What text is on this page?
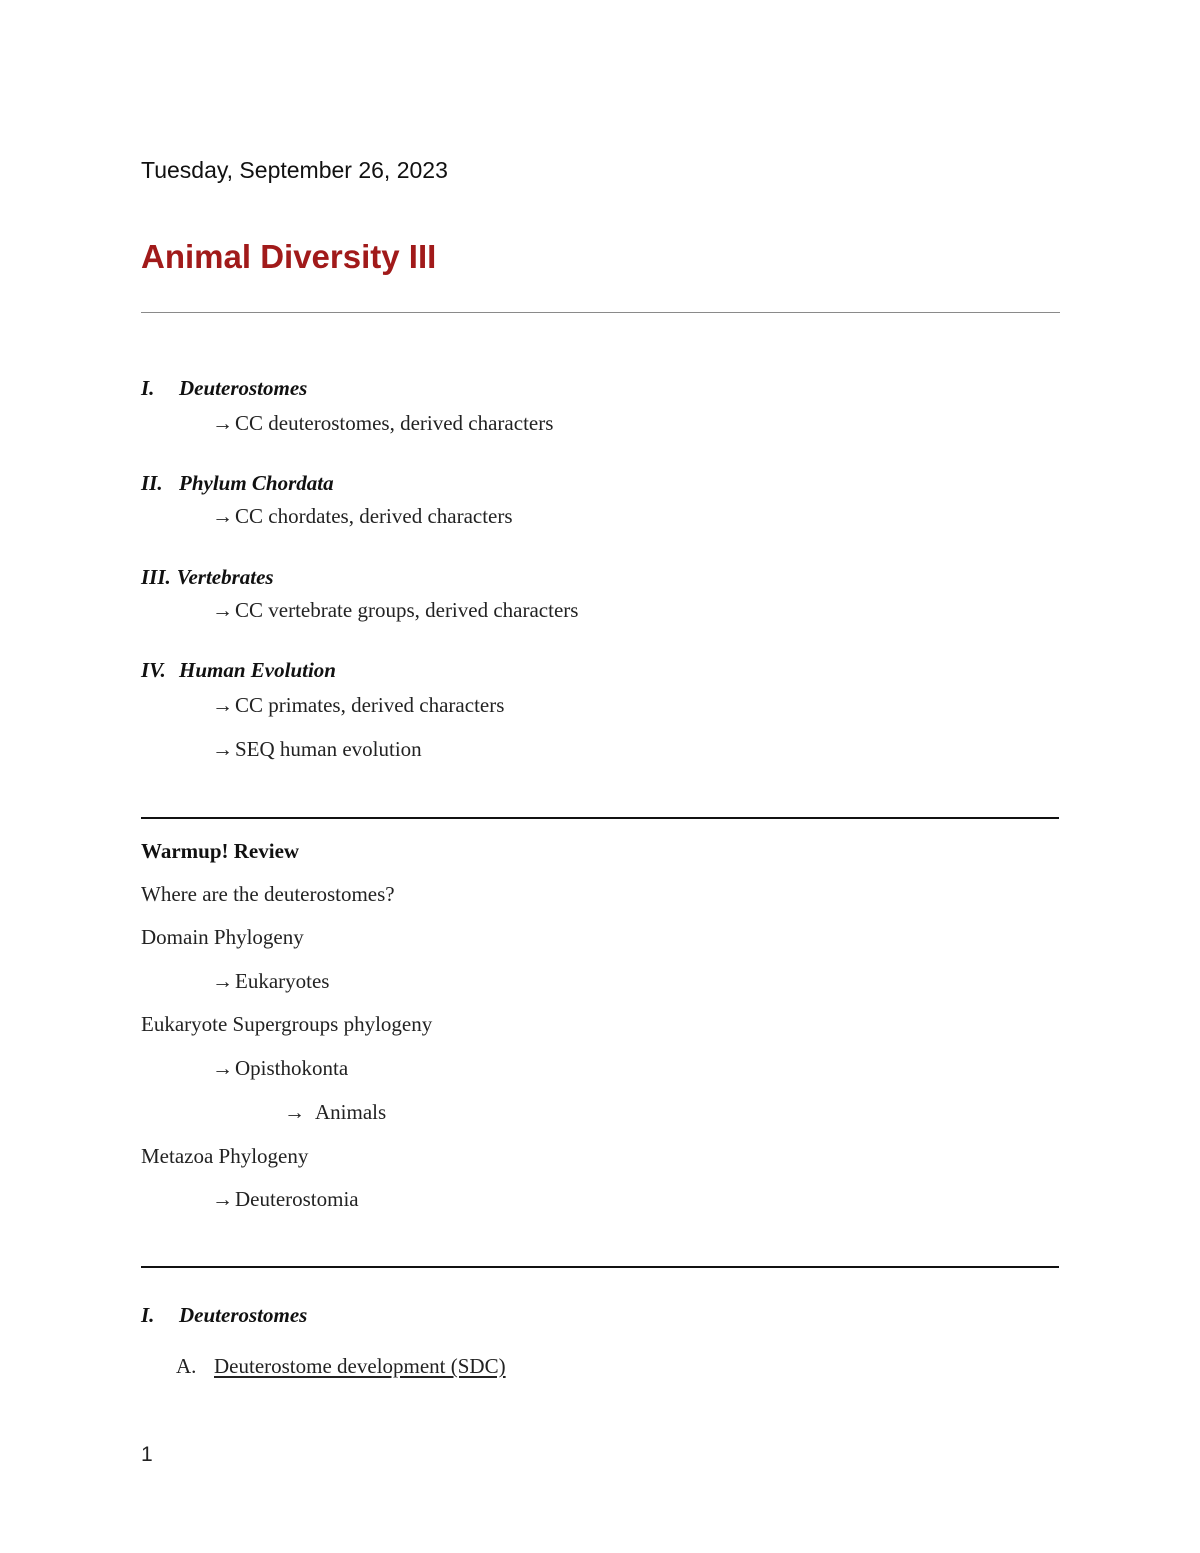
Tuesday, September 26, 2023
Animal Diversity III
I. Deuterostomes
→CC deuterostomes, derived characters
II. Phylum Chordata
→CC chordates, derived characters
III. Vertebrates
→CC vertebrate groups, derived characters
IV. Human Evolution
→CC primates, derived characters
→SEQ human evolution
Warmup! Review
Where are the deuterostomes?
Domain Phylogeny
→Eukaryotes
Eukaryote Supergroups phylogeny
→Opisthokonta
→ Animals
Metazoa Phylogeny
→Deuterostomia
I. Deuterostomes
A. Deuterostome development (SDC)
1
